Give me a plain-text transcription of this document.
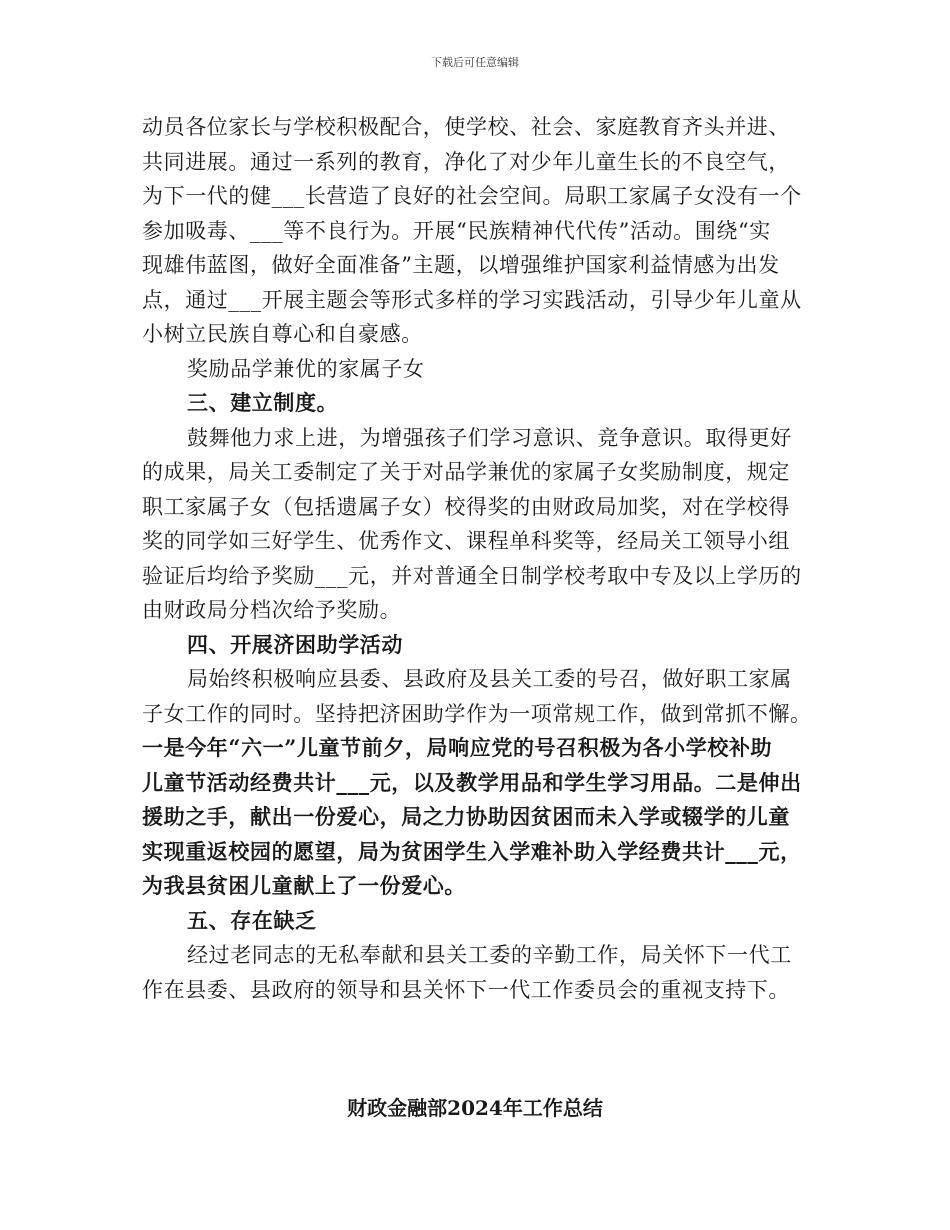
下载后可任意编辑
动员各位家长与学校积极配合，使学校、社会、家庭教育齐头并进、
共同进展。通过一系列的教育，净化了对少年儿童生长的不良空气，
为下一代的健___长营造了良好的社会空间。局职工家属子女没有一个
参加吸毒、___等不良行为。开展“民族精神代代传”活动。围绕“实
现雄伟蓝图，做好全面准备”主题，以增强维护国家利益情感为出发
点，通过___开展主题会等形式多样的学习实践活动，引导少年儿童从
小树立民族自尊心和自豪感。
奖励品学兼优的家属子女
三、建立制度。
鼓舞他力求上进，为增强孩子们学习意识、竞争意识。取得更好
的成果，局关工委制定了关于对品学兼优的家属子女奖励制度，规定
职工家属子女（包括遗属子女）校得奖的由财政局加奖，对在学校得
奖的同学如三好学生、优秀作文、课程单科奖等，经局关工领导小组
验证后均给予奖励___元，并对普通全日制学校考取中专及以上学历的
由财政局分档次给予奖励。
四、开展济困助学活动
局始终积极响应县委、县政府及县关工委的号召，做好职工家属
子女工作的同时。坚持把济困助学作为一项常规工作，做到常抓不懈。
一是今年“六一”儿童节前夕，局响应党的号召积极为各小学校补助
儿童节活动经费共计___元，以及教学用品和学生学习用品。二是伸出
援助之手，献出一份爱心，局之力协助因贫困而未入学或辍学的儿童
实现重返校园的愿望，局为贫困学生入学难补助入学经费共计___元，
为我县贫困儿童献上了一份爱心。
五、存在缺乏
经过老同志的无私奉献和县关工委的辛勤工作，局关怀下一代工
作在县委、县政府的领导和县关怀下一代工作委员会的重视支持下。
财政金融部2024年工作总结
